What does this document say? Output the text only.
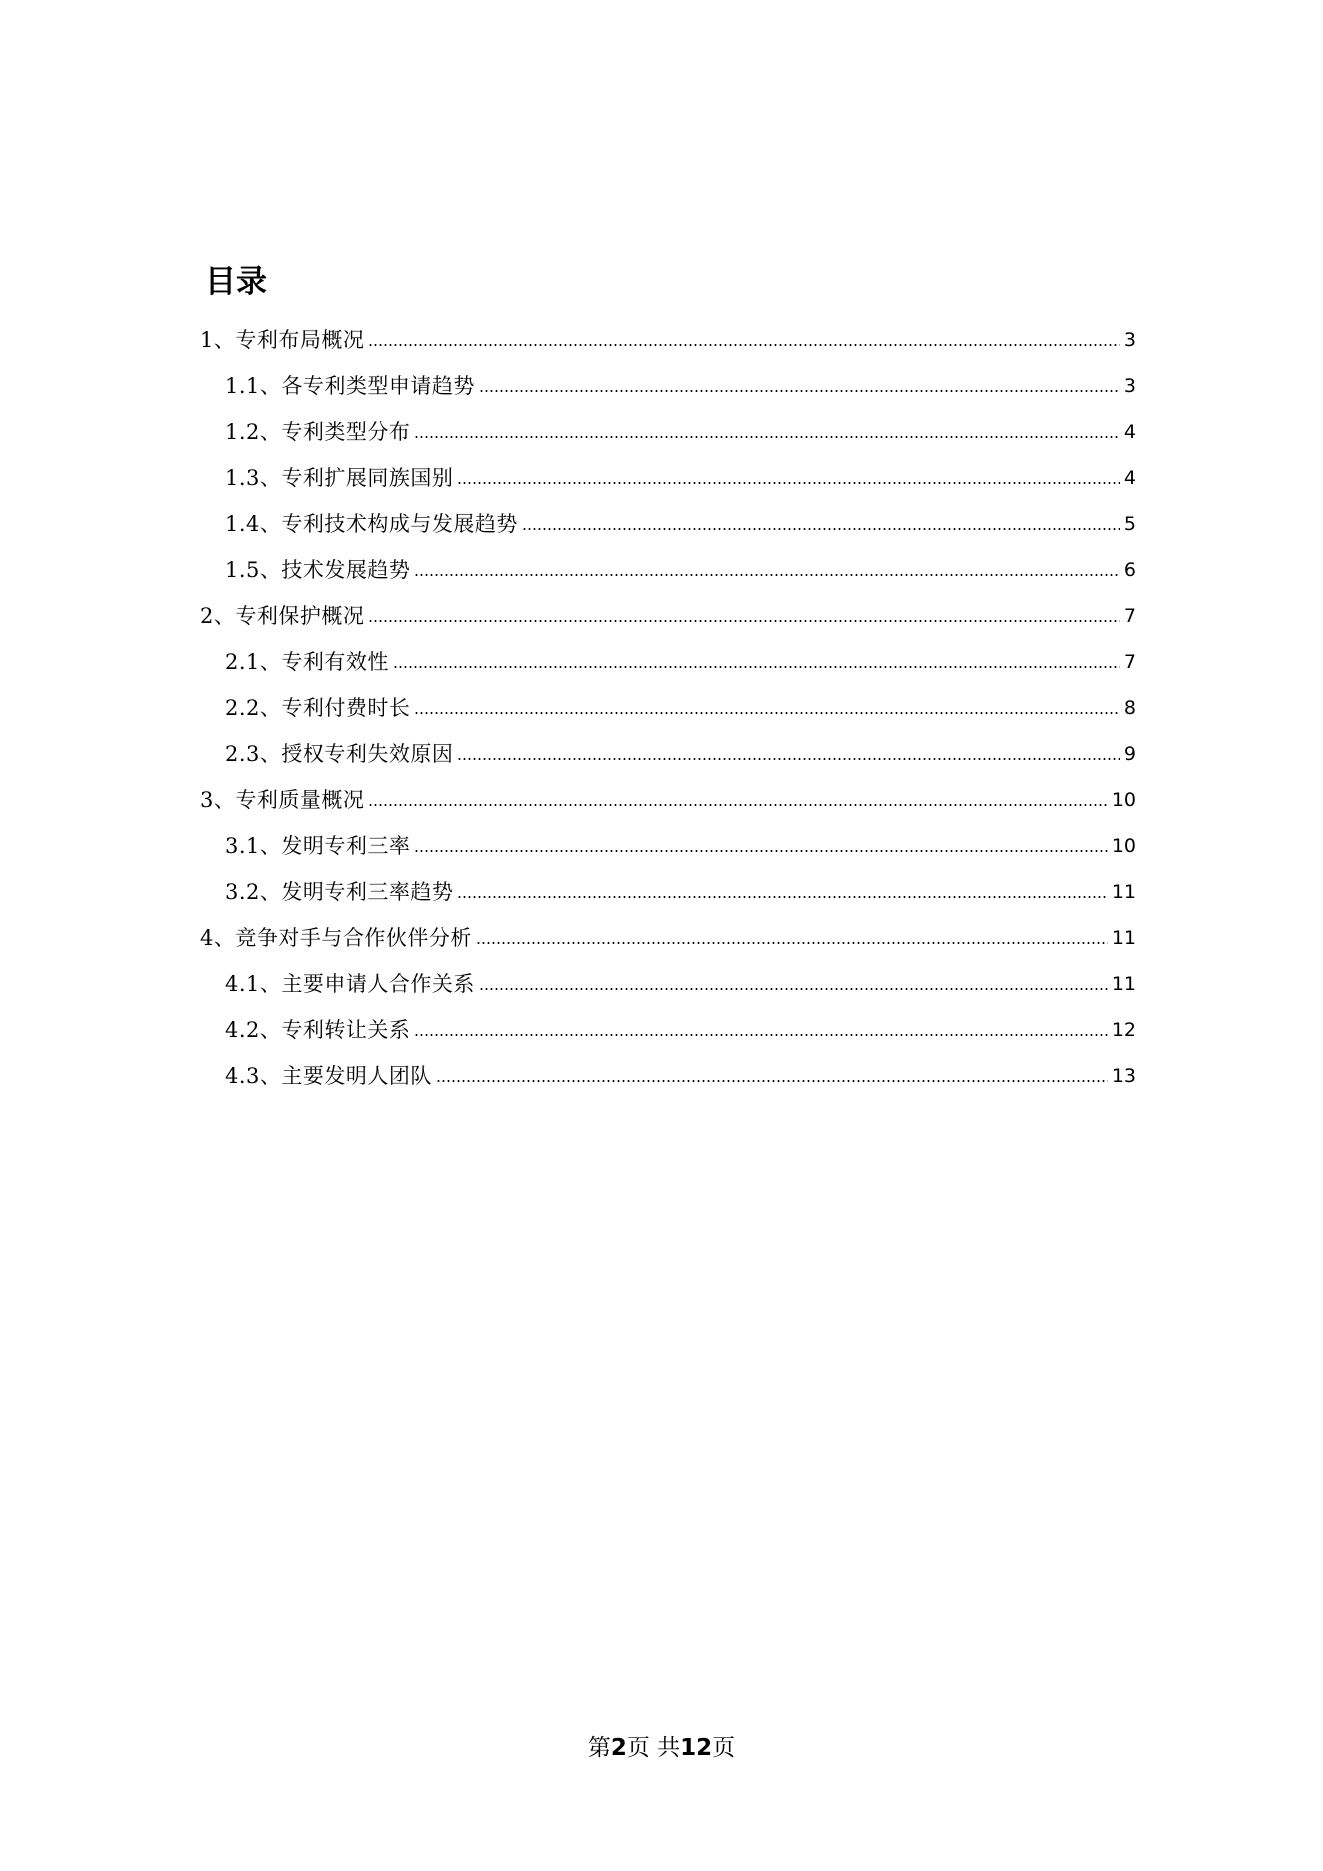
目录
1、专利布局概况	3
1.1、各专利类型申请趋势	3
1.2、专利类型分布	4
1.3、专利扩展同族国别	4
1.4、专利技术构成与发展趋势	5
1.5、技术发展趋势	6
2、专利保护概况	7
2.1、专利有效性	7
2.2、专利付费时长	8
2.3、授权专利失效原因	9
3、专利质量概况	10
3.1、发明专利三率	10
3.2、发明专利三率趋势	11
4、竞争对手与合作伙伴分析	11
4.1、主要申请人合作关系	11
4.2、专利转让关系	12
4.3、主要发明人团队	13
第2页 共12页
